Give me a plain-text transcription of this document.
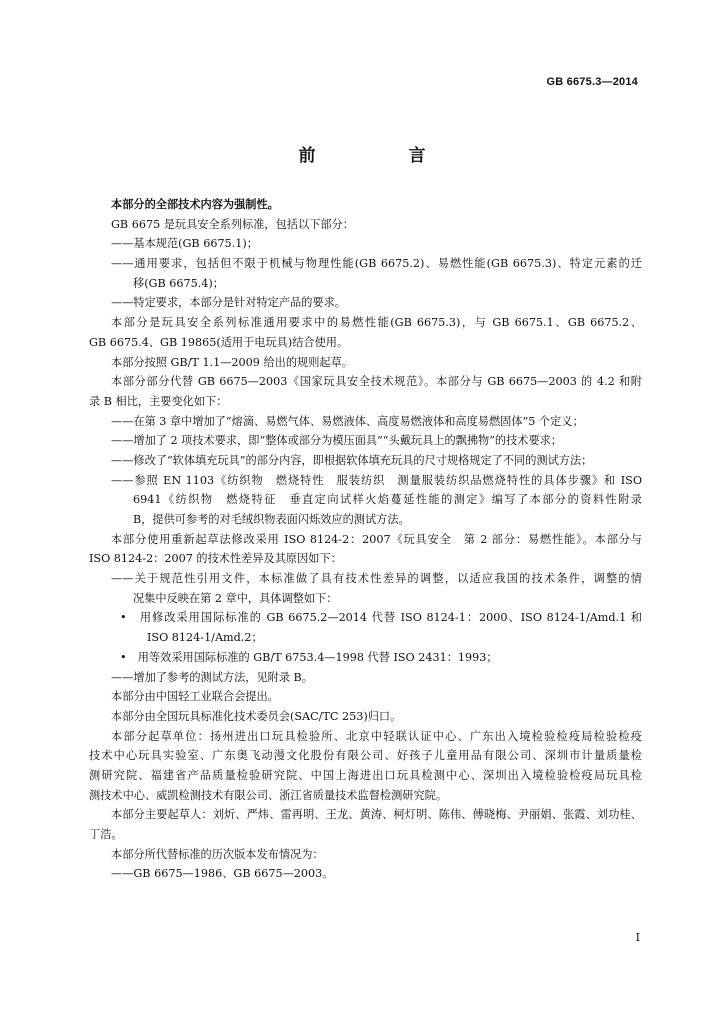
GB 6675.3—2014
前　言
本部分的全部技术内容为强制性。
GB 6675 是玩具安全系列标准，包括以下部分：
——基本规范(GB 6675.1)；
——通用要求，包括但不限于机械与物理性能(GB 6675.2)、易燃性能(GB 6675.3)、特定元素的迁
移(GB 6675.4)；
——特定要求，本部分是针对特定产品的要求。
本部分是玩具安全系列标准通用要求中的易燃性能(GB 6675.3)，与 GB 6675.1、GB 6675.2、
GB 6675.4、GB 19865(适用于电玩具)结合使用。
本部分按照 GB/T 1.1—2009 给出的规则起草。
本部分部分代替 GB 6675—2003《国家玩具安全技术规范》。本部分与 GB 6675—2003 的 4.2 和附
录 B 相比，主要变化如下：
——在第 3 章中增加了“熔滴、易燃气体、易燃液体、高度易燃液体和高度易燃固体”5 个定义；
——增加了 2 项技术要求，即“整体或部分为模压面具”“头戴玩具上的飘拂物”的技术要求；
——修改了“软体填充玩具”的部分内容，即根据软体填充玩具的尺寸规格规定了不同的测试方法；
——参照 EN 1103《纺织物　燃烧特性　服装纺织　测量服装纺织品燃烧特性的具体步骤》和 ISO
6941《纺织物　燃烧特征　垂直定向试样火焰蔓延性能的测定》编写了本部分的资料性附录
B，提供可参考的对毛绒织物表面闪烁效应的测试方法。
本部分使用重新起草法修改采用 ISO 8124-2：2007《玩具安全　第 2 部分：易燃性能》。本部分与
ISO 8124-2：2007 的技术性差异及其原因如下：
——关于规范性引用文件，本标准做了具有技术性差异的调整，以适应我国的技术条件，调整的情
况集中反映在第 2 章中，具体调整如下：
•　用修改采用国际标准的 GB 6675.2—2014 代替 ISO 8124-1：2000、ISO 8124-1/Amd.1 和
ISO 8124-1/Amd.2；
•　用等效采用国际标准的 GB/T 6753.4—1998 代替 ISO 2431：1993；
——增加了参考的测试方法，见附录 B。
本部分由中国轻工业联合会提出。
本部分由全国玩具标准化技术委员会(SAC/TC 253)归口。
本部分起草单位：扬州进出口玩具检验所、北京中轻联认证中心、广东出入境检验检疫局检验检疫
技术中心玩具实验室、广东奥飞动漫文化股份有限公司、好孩子儿童用品有限公司、深圳市计量质量检
测研究院、福建省产品质量检验研究院、中国上海进出口玩具检测中心、深圳出入境检验检疫局玩具检
测技术中心、威凯检测技术有限公司、浙江省质量技术监督检测研究院。
本部分主要起草人：刘炘、严炜、雷再明、王龙、黄涛、柯灯明、陈伟、傅晓梅、尹丽娟、张霞、刘功桂、
丁浩。
本部分所代替标准的历次版本发布情况为：
——GB 6675—1986、GB 6675—2003。
I
